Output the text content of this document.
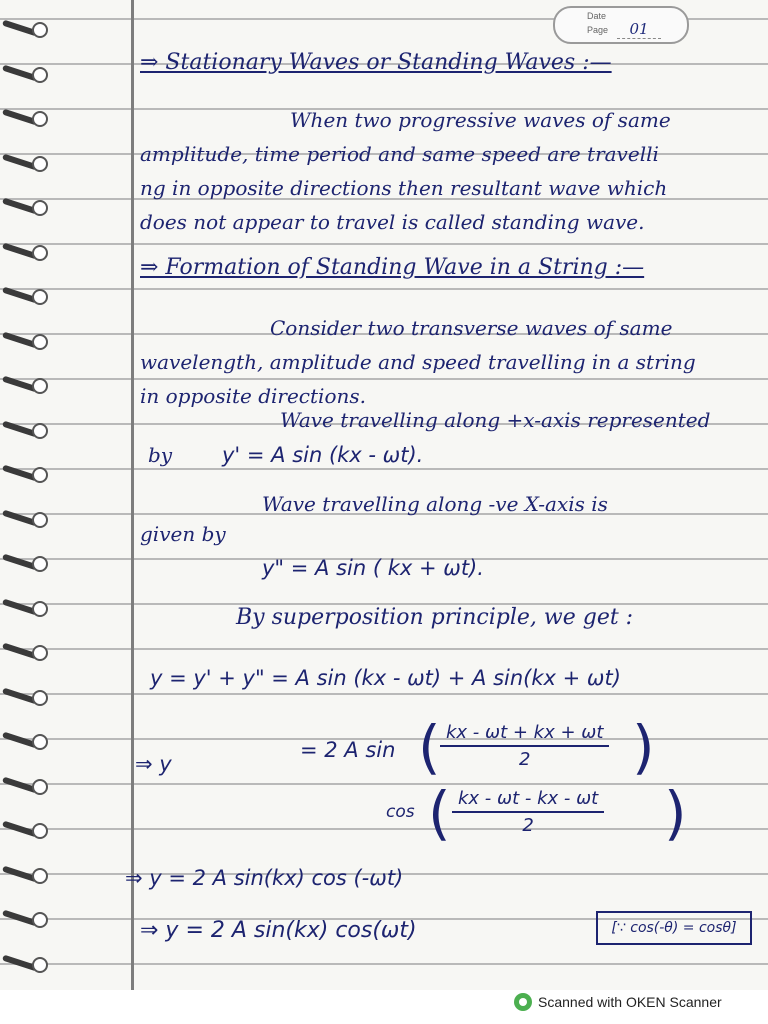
Date
Page	01
⇒ Stationary Waves or Standing Waves :—
When two progressive waves of same
amplitude, time period and same speed are travelli
ng in opposite directions then resultant wave which
does not appear to travel is called standing wave.
⇒ Formation of Standing Wave in a String :—
Consider two transverse waves of same
wavelength, amplitude and speed travelling in a string
in opposite directions.
Wave travelling along +x-axis represented
by y' = A sin (kx - ωt).
Wave travelling along -ve X-axis is
given by
y" = A sin ( kx + ωt).
By superposition principle, we get :
y = y' + y" = A sin (kx - ωt) + A sin(kx + ωt)
⇒ y
= 2 A sin ( $\frac{kx - \omega t + kx + \omega t}{2}$ )
cos ( $\frac{kx - \omega t - kx - \omega t}{2}$ )
⇒ y = 2 A sin(kx) cos (-ωt)
⇒ y = 2 A sin(kx) cos(ωt)	[∵ cos(-θ) = cosθ]
Scanned with OKEN Scanner
